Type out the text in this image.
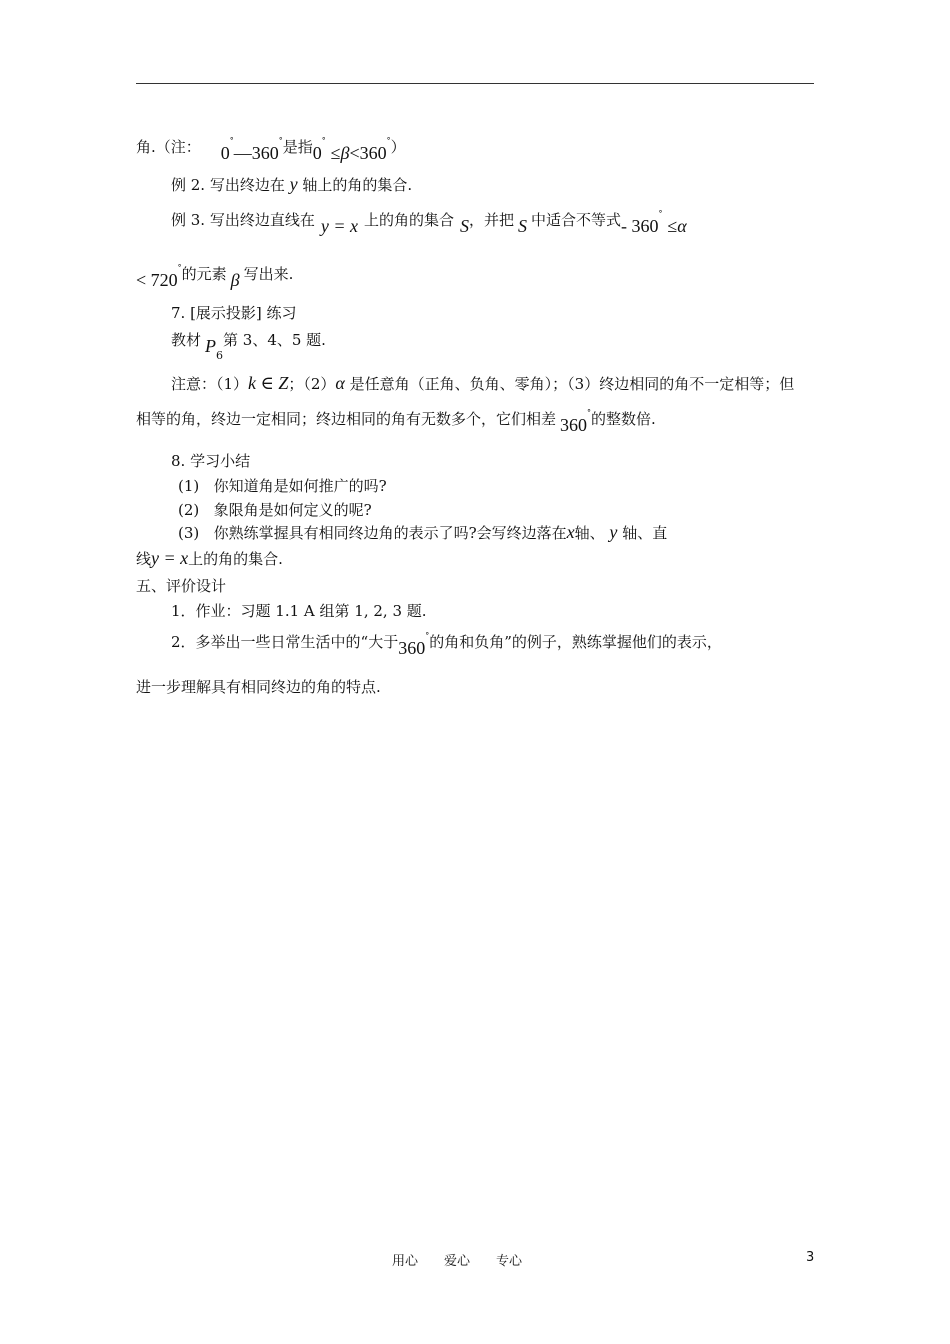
角.（注： 0°—360°是指0° ≤β<360°）
例 2. 写出终边在 y 轴上的角的集合.
例 3. 写出终边直线在 y = x 上的角的集合 S，并把 S 中适合不等式- 360° ≤α
< 720°的元素 β 写出来.
7. [展示投影] 练习
教材 $P_6$第 3、4、5 题.
注意：（1）k ∈ Z；（2）α 是任意角（正角、负角、零角）；（3）终边相同的角不一定相等；但
相等的角，终边一定相同；终边相同的角有无数多个，它们相差 360°的整数倍.
8. 学习小结
(1) 你知道角是如何推广的吗?
(2) 象限角是如何定义的呢?
(3) 你熟练掌握具有相同终边角的表示了吗?会写终边落在x轴、 y 轴、直
线y = x上的角的集合.
五、评价设计
1．作业：习题 1.1 A 组第 1, 2, 3 题.
2．多举出一些日常生活中的“大于360°的角和负角”的例子，熟练掌握他们的表示，
进一步理解具有相同终边的角的特点.
用心　　爱心　　专心	3
